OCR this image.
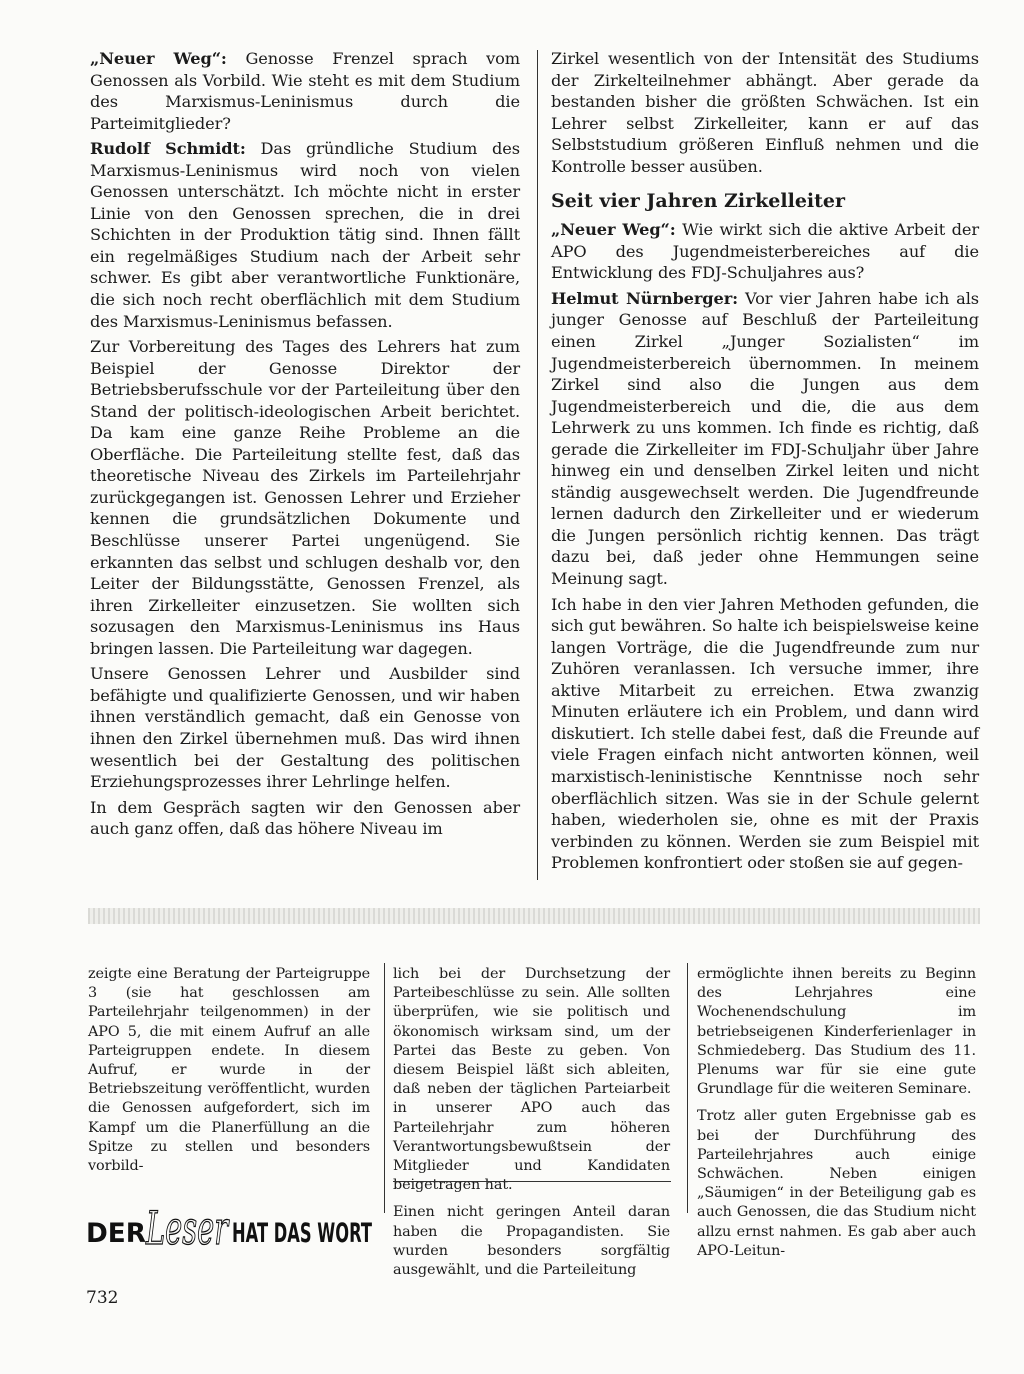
„Neuer Weg“: Genosse Frenzel sprach vom Genossen als Vorbild. Wie steht es mit dem Studium des Marxismus-Leninismus durch die Parteimitglieder?

Rudolf Schmidt: Das gründliche Studium des Marxismus-Leninismus wird noch von vielen Genossen unterschätzt. Ich möchte nicht in erster Linie von den Genossen sprechen, die in drei Schichten in der Produktion tätig sind. Ihnen fällt ein regelmäßiges Studium nach der Arbeit sehr schwer. Es gibt aber verantwortliche Funktionäre, die sich noch recht oberflächlich mit dem Studium des Marxismus-Leninismus befassen.

Zur Vorbereitung des Tages des Lehrers hat zum Beispiel der Genosse Direktor der Betriebsberufsschule vor der Parteileitung über den Stand der politisch-ideologischen Arbeit berichtet. Da kam eine ganze Reihe Probleme an die Oberfläche. Die Parteileitung stellte fest, daß das theoretische Niveau des Zirkels im Parteilehrjahr zurückgegangen ist. Genossen Lehrer und Erzieher kennen die grundsätzlichen Dokumente und Beschlüsse unserer Partei ungenügend. Sie erkannten das selbst und schlugen deshalb vor, den Leiter der Bildungsstätte, Genossen Frenzel, als ihren Zirkelleiter einzusetzen. Sie wollten sich sozusagen den Marxismus-Leninismus ins Haus bringen lassen. Die Parteileitung war dagegen.

Unsere Genossen Lehrer und Ausbilder sind befähigte und qualifizierte Genossen, und wir haben ihnen verständlich gemacht, daß ein Genosse von ihnen den Zirkel übernehmen muß. Das wird ihnen wesentlich bei der Gestaltung des politischen Erziehungsprozesses ihrer Lehrlinge helfen.

In dem Gespräch sagten wir den Genossen aber auch ganz offen, daß das höhere Niveau im

Zirkel wesentlich von der Intensität des Studiums der Zirkelteilnehmer abhängt. Aber gerade da bestanden bisher die größten Schwächen. Ist ein Lehrer selbst Zirkelleiter, kann er auf das Selbststudium größeren Einfluß nehmen und die Kontrolle besser ausüben.

Seit vier Jahren Zirkelleiter

„Neuer Weg“: Wie wirkt sich die aktive Arbeit der APO des Jugendmeisterbereiches auf die Entwicklung des FDJ-Schuljahres aus?

Helmut Nürnberger: Vor vier Jahren habe ich als junger Genosse auf Beschluß der Parteileitung einen Zirkel „Junger Sozialisten“ im Jugendmeisterbereich übernommen. In meinem Zirkel sind also die Jungen aus dem Jugendmeisterbereich und die, die aus dem Lehrwerk zu uns kommen. Ich finde es richtig, daß gerade die Zirkelleiter im FDJ-Schuljahr über Jahre hinweg ein und denselben Zirkel leiten und nicht ständig ausgewechselt werden. Die Jugendfreunde lernen dadurch den Zirkelleiter und er wiederum die Jungen persönlich richtig kennen. Das trägt dazu bei, daß jeder ohne Hemmungen seine Meinung sagt.

Ich habe in den vier Jahren Methoden gefunden, die sich gut bewähren. So halte ich beispielsweise keine langen Vorträge, die die Jugendfreunde zum nur Zuhören veranlassen. Ich versuche immer, ihre aktive Mitarbeit zu erreichen. Etwa zwanzig Minuten erläutere ich ein Problem, und dann wird diskutiert. Ich stelle dabei fest, daß die Freunde auf viele Fragen einfach nicht antworten können, weil marxistisch-leninistische Kenntnisse noch sehr oberflächlich sitzen. Was sie in der Schule gelernt haben, wiederholen sie, ohne es mit der Praxis verbinden zu können. Werden sie zum Beispiel mit Problemen konfrontiert oder stoßen sie auf gegen-

zeigte eine Beratung der Parteigruppe 3 (sie hat geschlossen am Parteilehrjahr teilgenommen) in der APO 5, die mit einem Aufruf an alle Parteigruppen endete. In diesem Aufruf, er wurde in der Betriebszeitung veröffentlicht, wurden die Genossen aufgefordert, sich im Kampf um die Planerfüllung an die Spitze zu stellen und besonders vorbild-

lich bei der Durchsetzung der Parteibeschlüsse zu sein. Alle sollten überprüfen, wie sie politisch und ökonomisch wirksam sind, um der Partei das Beste zu geben. Von diesem Beispiel läßt sich ableiten, daß neben der täglichen Parteiarbeit in unserer APO auch das Parteilehrjahr zum höheren Verantwortungsbewußtsein der Mitglieder und Kandidaten beigetragen hat.

Einen nicht geringen Anteil daran haben die Propagandisten. Sie wurden besonders sorgfältig ausgewählt, und die Parteileitung

ermöglichte ihnen bereits zu Beginn des Lehrjahres eine Wochenendschulung im betriebseigenen Kinderferienlager in Schmiedeberg. Das Studium des 11. Plenums war für sie eine gute Grundlage für die weiteren Seminare.

Trotz aller guten Ergebnisse gab es bei der Durchführung des Parteilehrjahres auch einige Schwächen. Neben einigen „Säumigen“ in der Beteiligung gab es auch Genossen, die das Studium nicht allzu ernst nahmen. Es gab aber auch APO-Leitun-

DER Leser HAT DAS WORT
732
